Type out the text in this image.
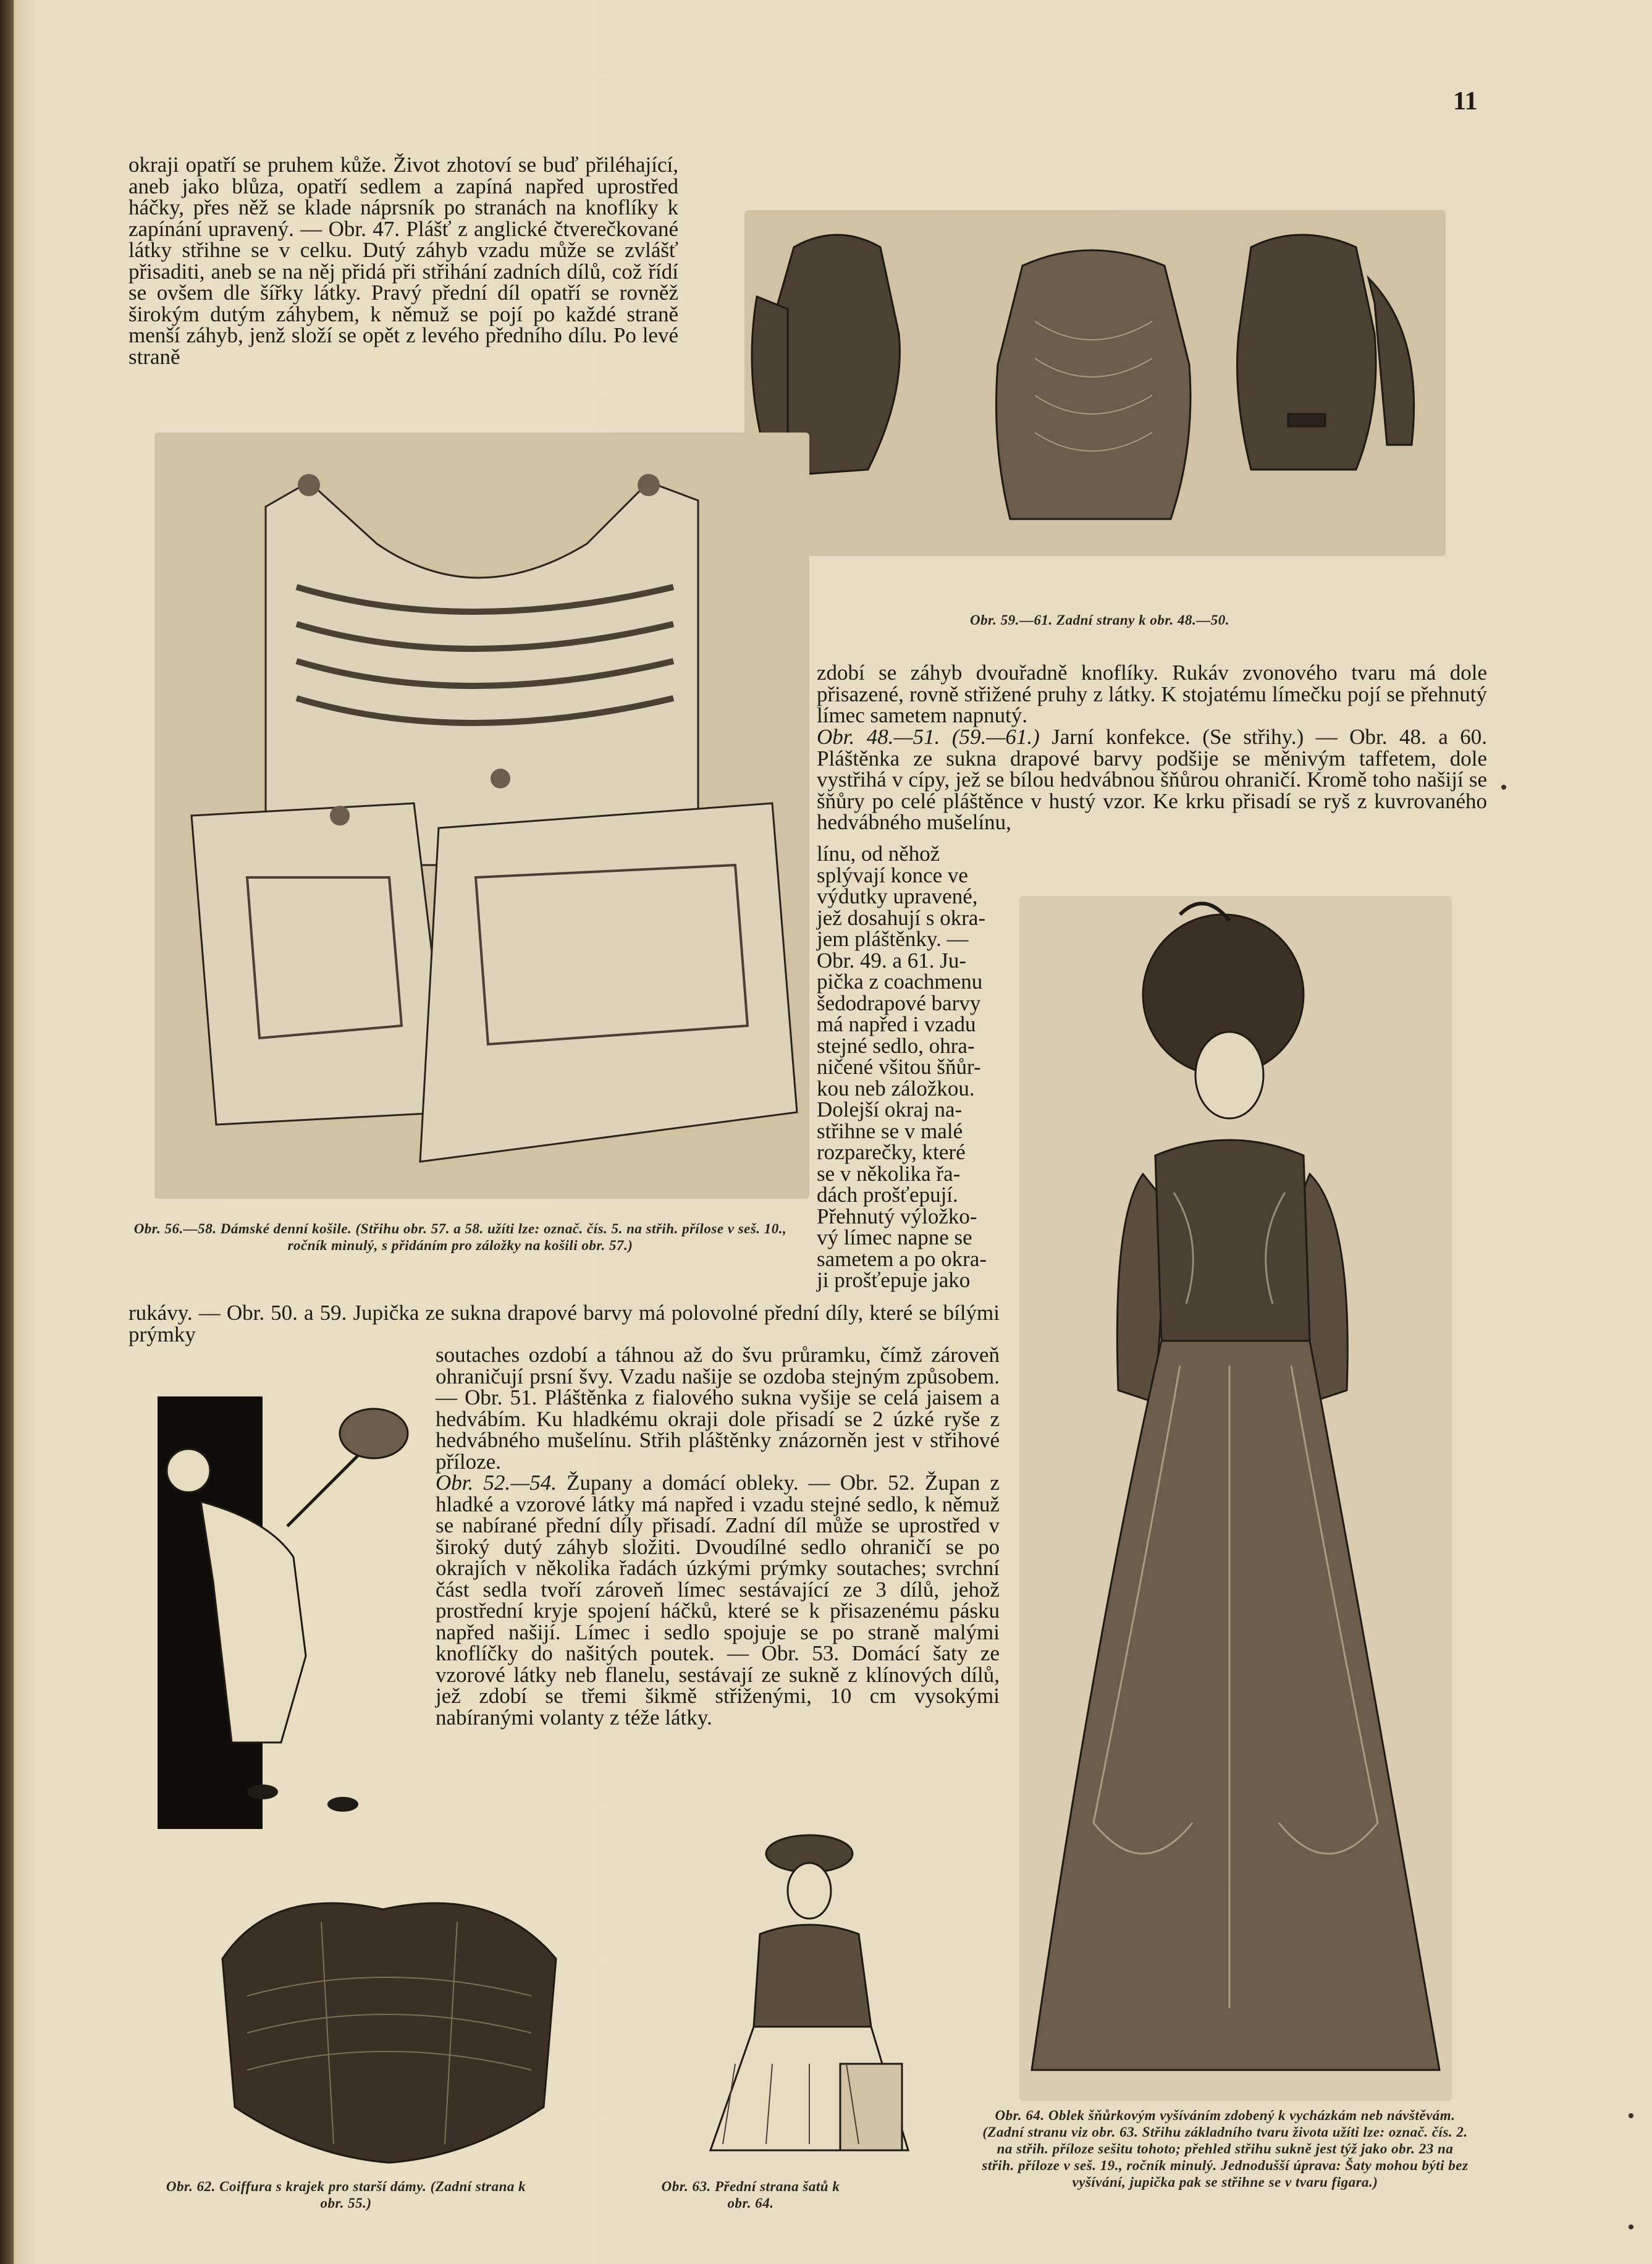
11

okraji opatří se pruhem kůže. Život zhotoví se buď přiléhající, aneb jako blůza, opatří sedlem a zapíná napřed uprostřed háčky, přes něž se klade náprsník po stranách na knoflíky k zapínání upravený. — Obr. 47. Plášť z anglické čtverečkované látky střihne se v celku. Dutý záhyb vzadu může se zvlášť přisaditi, aneb se na něj přidá při střihání zadních dílů, což řídí se ovšem dle šířky látky. Pravý přední díl opatří se rovněž širokým dutým záhybem, k němuž se pojí po každé straně menší záhyb, jenž složí se opět z levého předního dílu. Po levé straně

Obr. 59.—61. Zadní strany k obr. 48.—50.
Obr. 56.—58. Dámské denní košile. (Střihu obr. 57. a 58. užíti lze: označ. čís. 5. na střih. přílose v seš. 10., ročník minulý, s přidáním pro záložky na košili obr. 57.)

zdobí se záhyb dvouřadně knoflíky. Rukáv zvonového tvaru má dole přisazené, rovně střižené pruhy z látky. K stojatému límečku pojí se přehnutý límec sametem napnutý.

Obr. 48.—51. (59.—61.) Jarní konfekce. (Se střihy.) — Obr. 48. a 60. Pláštěnka ze sukna drapové barvy podšije se měnivým taffetem, dole vystřihá v cípy, jež se bílou hedvábnou šňůrou ohraničí. Kromě toho našijí se šňůry po celé pláštěnce v hustý vzor. Ke krku přisadí se ryš z kuvrovaného hedvábného mušelínu,

línu, od něhož

splývají konce ve

výdutky upravené,

jež dosahují s okra-

jem pláštěnky. —

Obr. 49. a 61. Ju-

pička z coachmenu

šedodrapové barvy

má napřed i vzadu

stejné sedlo, ohra-

ničené všitou šňůr-

kou neb záložkou.

Dolejší okraj na-

střihne se v malé

rozparečky, které

se v několika řa-

dách prošťepují.

Přehnutý výložko-

vý límec napne se

sametem a po okra-

ji prošťepuje jako

rukávy. — Obr. 50. a 59. Jupička ze sukna drapové barvy má polovolné přední díly, které se bílými prýmky

soutaches ozdobí a táhnou až do švu průramku, čímž zároveň ohraničují prsní švy. Vzadu našije se ozdoba stejným způsobem. — Obr. 51. Pláštěnka z fialového sukna vyšije se celá jaisem a hedvábím. Ku hladkému okraji dole přisadí se 2 úzké ryše z hedvábného mušelínu. Střih pláštěnky znázorněn jest v střihové příloze.

Obr. 52.—54. Župany a domácí obleky. — Obr. 52. Župan z hladké a vzorové látky má napřed i vzadu stejné sedlo, k němuž se nabírané přední díly přisadí. Zadní díl může se uprostřed v široký dutý záhyb složiti. Dvoudílné sedlo ohraničí se po okrajích v několika řadách úzkými prýmky soutaches; svrchní část sedla tvoří zároveň límec sestávající ze 3 dílů, jehož prostřední kryje spojení háčků, které se k přisazenému pásku napřed našijí. Límec i sedlo spojuje se po straně malými knoflíčky do našitých poutek. — Obr. 53. Domácí šaty ze vzorové látky neb flanelu, sestávají ze sukně z klínových dílů, jež zdobí se třemi šikmě střiženými, 10 cm vysokými nabíranými volanty z téže látky.

Obr. 62. Coiffura s krajek pro starší dámy. (Zadní strana k obr. 55.)
Obr. 63. Přední strana šatů k obr. 64.
Obr. 64. Oblek šňůrkovým vyšíváním zdobený k vycházkám neb návštěvám. (Zadní stranu viz obr. 63. Střihu základního tvaru života užíti lze: označ. čís. 2. na střih. příloze sešitu tohoto; přehled střihu sukně jest týž jako obr. 23 na střih. příloze v seš. 19., ročník minulý. Jednodušší úprava: Šaty mohou býti bez vyšívání, jupička pak se střihne se v tvaru figara.)
